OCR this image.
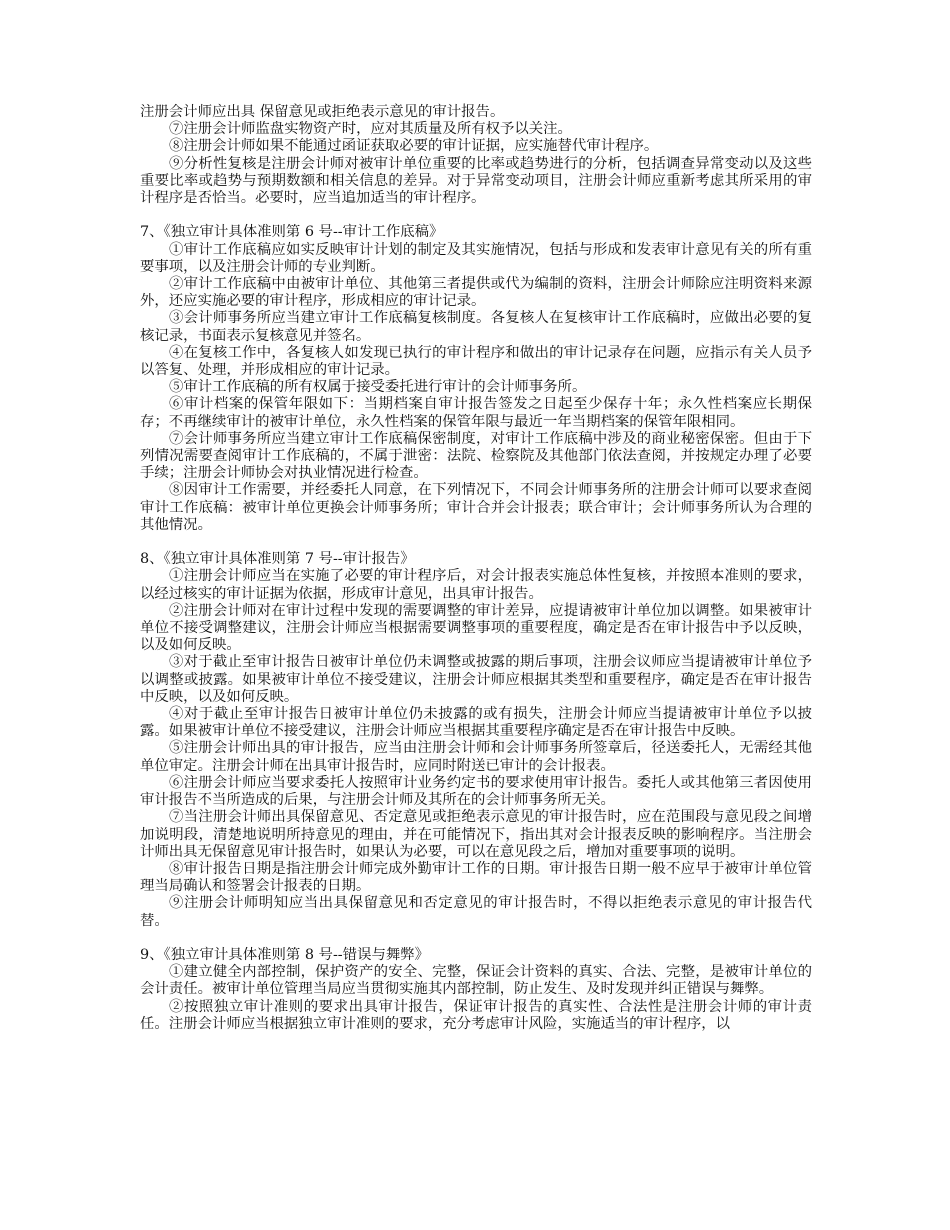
注册会计师应出具 保留意见或拒绝表示意见的审计报告。

⑦注册会计师监盘实物资产时，应对其质量及所有权予以关注。

⑧注册会计师如果不能通过函证获取必要的审计证据，应实施替代审计程序。

⑨分析性复核是注册会计师对被审计单位重要的比率或趋势进行的分析，包括调查异常变动以及这些重要比率或趋势与预期数额和相关信息的差异。对于异常变动项目，注册会计师应重新考虑其所采用的审计程序是否恰当。必要时，应当追加适当的审计程序。

7、《独立审计具体准则第 6 号--审计工作底稿》

①审计工作底稿应如实反映审计计划的制定及其实施情况，包括与形成和发表审计意见有关的所有重要事项，以及注册会计师的专业判断。

②审计工作底稿中由被审计单位、其他第三者提供或代为编制的资料，注册会计师除应注明资料来源外，还应实施必要的审计程序，形成相应的审计记录。

③会计师事务所应当建立审计工作底稿复核制度。各复核人在复核审计工作底稿时，应做出必要的复核记录，书面表示复核意见并签名。

④在复核工作中，各复核人如发现已执行的审计程序和做出的审计记录存在问题，应指示有关人员予以答复、处理，并形成相应的审计记录。

⑤审计工作底稿的所有权属于接受委托进行审计的会计师事务所。

⑥审计档案的保管年限如下：当期档案自审计报告签发之日起至少保存十年；永久性档案应长期保存；不再继续审计的被审计单位，永久性档案的保管年限与最近一年当期档案的保管年限相同。

⑦会计师事务所应当建立审计工作底稿保密制度，对审计工作底稿中涉及的商业秘密保密。但由于下列情况需要查阅审计工作底稿的，不属于泄密：法院、检察院及其他部门依法查阅，并按规定办理了必要手续；注册会计师协会对执业情况进行检查。

⑧因审计工作需要，并经委托人同意，在下列情况下，不同会计师事务所的注册会计师可以要求查阅审计工作底稿：被审计单位更换会计师事务所；审计合并会计报表；联合审计；会计师事务所认为合理的其他情况。

8、《独立审计具体准则第 7 号--审计报告》

①注册会计师应当在实施了必要的审计程序后，对会计报表实施总体性复核，并按照本准则的要求，以经过核实的审计证据为依据，形成审计意见，出具审计报告。

②注册会计师对在审计过程中发现的需要调整的审计差异，应提请被审计单位加以调整。如果被审计单位不接受调整建议，注册会计师应当根据需要调整事项的重要程度，确定是否在审计报告中予以反映，以及如何反映。

③对于截止至审计报告日被审计单位仍未调整或披露的期后事项，注册会议师应当提请被审计单位予以调整或披露。如果被审计单位不接受建议，注册会计师应根据其类型和重要程序，确定是否在审计报告中反映，以及如何反映。

④对于截止至审计报告日被审计单位仍未披露的或有损失，注册会计师应当提请被审计单位予以披露。如果被审计单位不接受建议，注册会计师应当根据其重要程序确定是否在审计报告中反映。

⑤注册会计师出具的审计报告，应当由注册会计师和会计师事务所签章后，径送委托人，无需经其他单位审定。注册会计师在出具审计报告时，应同时附送已审计的会计报表。

⑥注册会计师应当要求委托人按照审计业务约定书的要求使用审计报告。委托人或其他第三者因使用审计报告不当所造成的后果，与注册会计师及其所在的会计师事务所无关。

⑦当注册会计师出具保留意见、否定意见或拒绝表示意见的审计报告时，应在范围段与意见段之间增加说明段，清楚地说明所持意见的理由，并在可能情况下，指出其对会计报表反映的影响程序。当注册会计师出具无保留意见审计报告时，如果认为必要，可以在意见段之后，增加对重要事项的说明。

⑧审计报告日期是指注册会计师完成外勤审计工作的日期。审计报告日期一般不应早于被审计单位管理当局确认和签署会计报表的日期。

⑨注册会计师明知应当出具保留意见和否定意见的审计报告时，不得以拒绝表示意见的审计报告代替。

9、《独立审计具体准则第 8 号--错误与舞弊》

①建立健全内部控制，保护资产的安全、完整，保证会计资料的真实、合法、完整，是被审计单位的会计责任。被审计单位管理当局应当贯彻实施其内部控制，防止发生、及时发现并纠正错误与舞弊。

②按照独立审计准则的要求出具审计报告，保证审计报告的真实性、合法性是注册会计师的审计责任。注册会计师应当根据独立审计准则的要求，充分考虑审计风险，实施适当的审计程序，以
